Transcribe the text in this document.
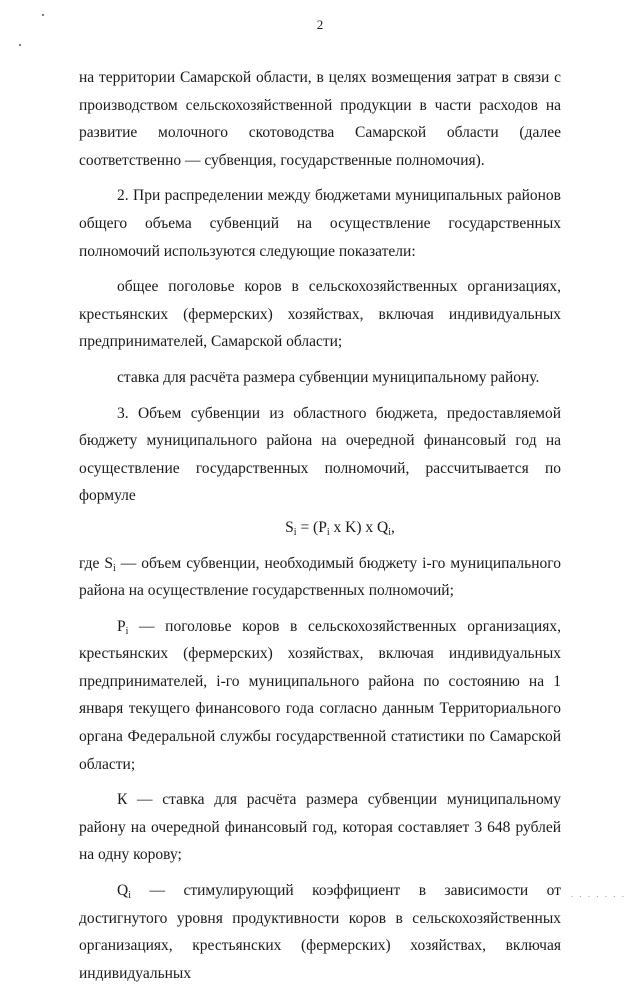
2

на территории Самарской области, в целях возмещения затрат в связи с производством сельскохозяйственной продукции в части расходов на развитие молочного скотоводства Самарской области (далее соответственно — субвенция, государственные полномочия).

2. При распределении между бюджетами муниципальных районов общего объема субвенций на осуществление государственных полномочий используются следующие показатели:

общее поголовье коров в сельскохозяйственных организациях, крестьянских (фермерских) хозяйствах, включая индивидуальных предпринимателей, Самарской области;

ставка для расчёта размера субвенции муниципальному району.

3. Объем субвенции из областного бюджета, предоставляемой бюджету муниципального района на очередной финансовый год на осуществление государственных полномочий, рассчитывается по формуле

$S_i = (P_i$ x K) x $Q_i$,

где $S_i$ — объем субвенции, необходимый бюджету i-го муниципального района на осуществление государственных полномочий;

$P_i$ — поголовье коров в сельскохозяйственных организациях, крестьянских (фермерских) хозяйствах, включая индивидуальных предпринимателей, i-го муниципального района по состоянию на 1 января текущего финансового года согласно данным Территориального органа Федеральной службы государственной статистики по Самарской области;

К — ставка для расчёта размера субвенции муниципальному району на очередной финансовый год, которая составляет 3 648 рублей на одну корову;

$Q_i$ — стимулирующий коэффициент в зависимости от достигнутого уровня продуктивности коров в сельскохозяйственных организациях, крестьянских (фермерских) хозяйствах, включая индивидуальных

. . . . . . .
